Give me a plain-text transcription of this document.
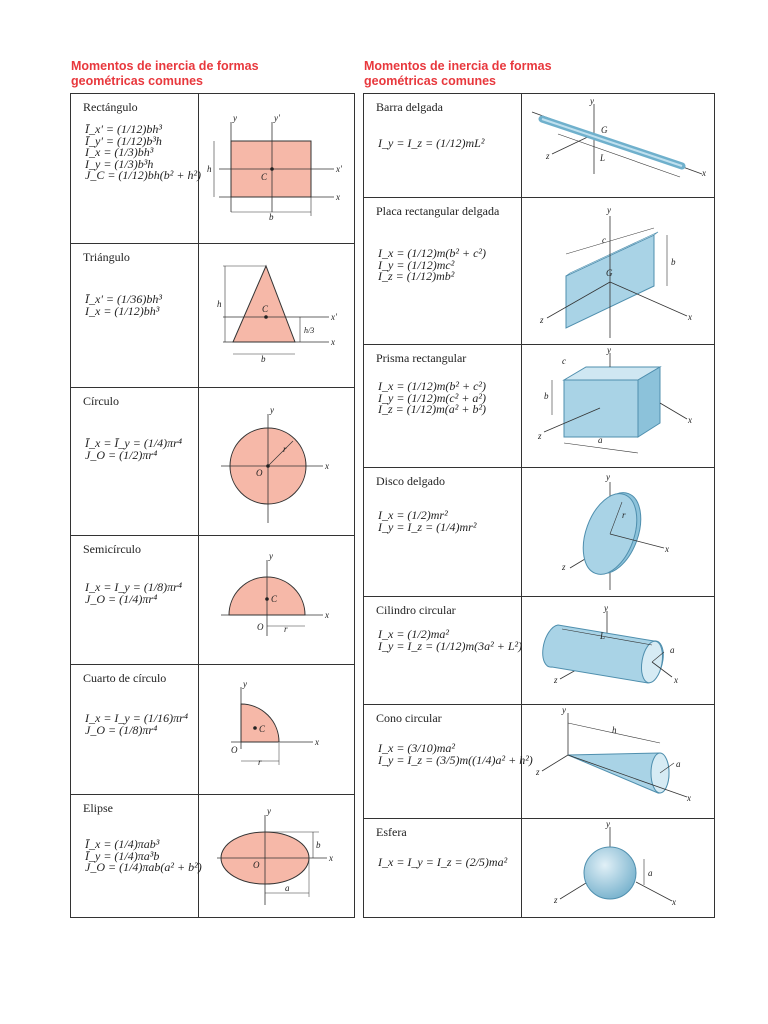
Momentos de inercia de formas
geométricas comunes
Momentos de inercia de formas
geométricas comunes
Rectángulo
Ī_x' = (1/12)bh³
Ī_y' = (1/12)b³h
I_x = (1/3)bh³
I_y = (1/3)b³h
J_C = (1/12)bh(b² + h²)
y	y'
x'
x
h
C
b
Triángulo
Ī_x' = (1/36)bh³
I_x = (1/12)bh³	h	C
x'
x
h/3
b
Círculo
Ī_x = Ī_y = (1/4)πr⁴
J_O = (1/2)πr⁴
y
r
O
x
Semicírculo
I_x = I_y = (1/8)πr⁴
J_O = (1/4)πr⁴
y
C
O r
x
Cuarto de círculo
I_x = I_y = (1/16)πr⁴
J_O = (1/8)πr⁴
y
C
O
r
x
Elipse
Ī_x = (1/4)πab³
Ī_y = (1/4)πa³b
J_O = (1/4)πab(a² + b²)
y
b
O
x
a
Barra delgada
I_y = I_z = (1/12)mL²
y
G
z	L
x
Placa rectangular delgada
I_x = (1/12)m(b² + c²)
I_y = (1/12)mc²
I_z = (1/12)mb²
y
c
b
G
z	x
Prisma rectangular
I_x = (1/12)m(b² + c²)
I_y = (1/12)m(c² + a²)
I_z = (1/12)m(a² + b²)
y
c
b
z	a
x
Disco delgado
I_x = (1/2)mr²
I_y = I_z = (1/4)mr²
y
r
z
x
Cilindro circular
I_x = (1/2)ma²
I_y = I_z = (1/12)m(3a² + L²)
y
L
a
z	x
Cono circular
I_x = (3/10)ma²
I_y = I_z = (3/5)m((1/4)a² + h²)
y
h
z
a
x
Esfera
I_x = I_y = I_z = (2/5)ma²
y
a
z	x
